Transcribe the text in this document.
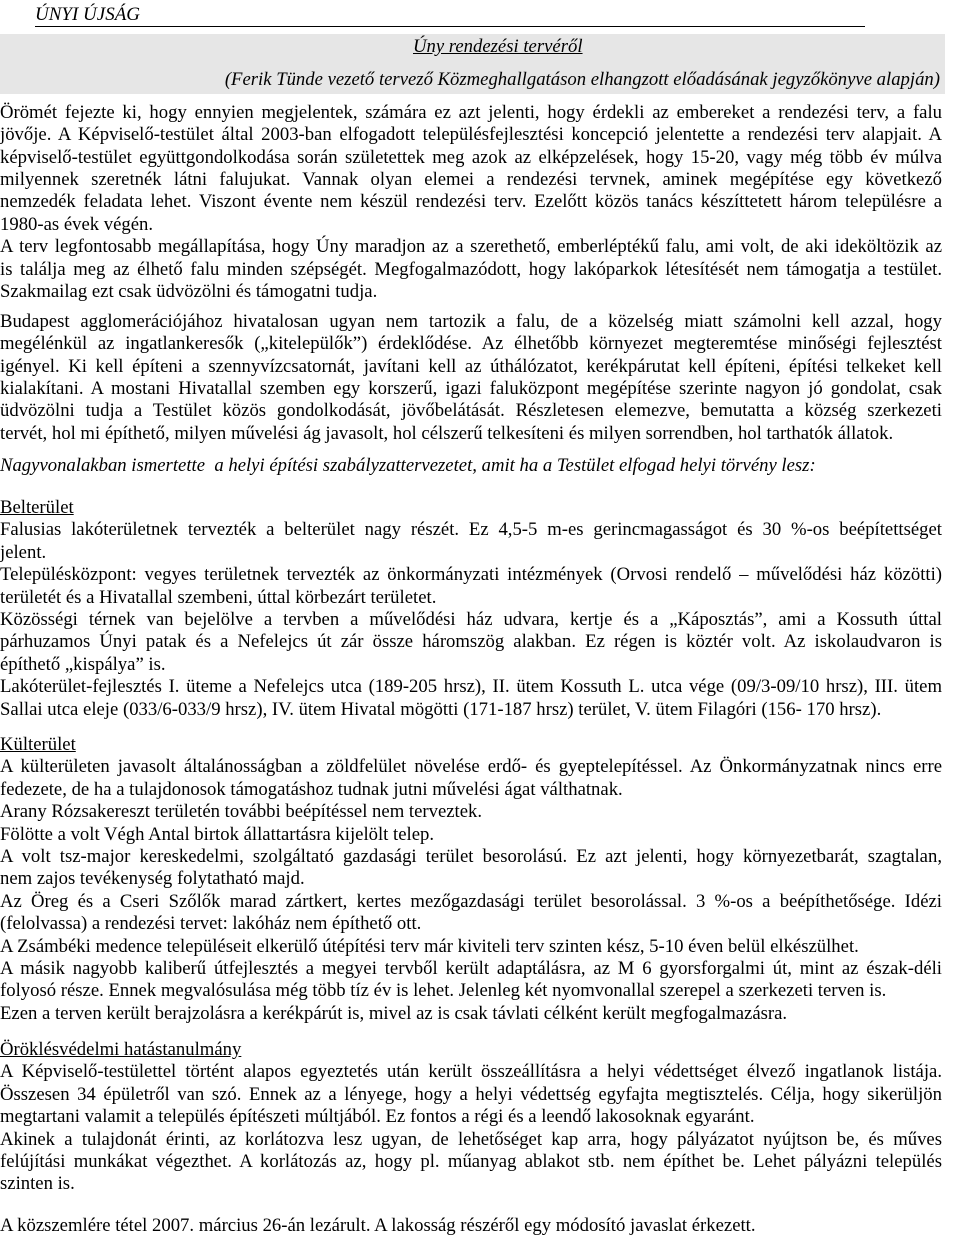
ÚNYI ÚJSÁG
Úny rendezési tervéről
(Ferik Tünde vezető tervező Közmeghallgatáson elhangzott előadásának jegyzőkönyve alapján)
Örömét fejezte ki, hogy ennyien megjelentek, számára ez azt jelenti, hogy érdekli az embereket a rendezési terv, a falu
jövője. A Képviselő-testület által 2003-ban elfogadott településfejlesztési koncepció jelentette a rendezési terv alapjait. A
képviselő-testület együttgondolkodása során születettek meg azok az elképzelések, hogy 15-20, vagy még több év múlva
milyennek szeretnék látni falujukat. Vannak olyan elemei a rendezési tervnek, aminek megépítése egy következő
nemzedék feladata lehet. Viszont évente nem készül rendezési terv. Ezelőtt közös tanács készíttetett három településre a
1980-as évek végén.
A terv legfontosabb megállapítása, hogy Úny maradjon az a szerethető, emberléptékű falu, ami volt, de aki ideköltözik az
is találja meg az élhető falu minden szépségét. Megfogalmazódott, hogy lakóparkok létesítését nem támogatja a testület.
Szakmailag ezt csak üdvözölni és támogatni tudja.
Budapest agglomerációjához hivatalosan ugyan nem tartozik a falu, de a közelség miatt számolni kell azzal, hogy
megélénkül az ingatlankeresők („kitelepülők”) érdeklődése. Az élhetőbb környezet megteremtése minőségi fejlesztést
igényel. Ki kell építeni a szennyvízcsatornát, javítani kell az úthálózatot, kerékpárutat kell építeni, építési telkeket kell
kialakítani. A mostani Hivatallal szemben egy korszerű, igazi faluközpont megépítése szerinte nagyon jó gondolat, csak
üdvözölni tudja a Testület közös gondolkodását, jövőbelátását. Részletesen elemezve, bemutatta a község szerkezeti
tervét, hol mi építhető, milyen művelési ág javasolt, hol célszerű telkesíteni és milyen sorrendben, hol tarthatók állatok.
Nagyvonalakban ismertette  a helyi építési szabályzattervezetet, amit ha a Testület elfogad helyi törvény lesz:
Belterület
Falusias lakóterületnek tervezték a belterület nagy részét. Ez 4,5-5 m-es gerincmagasságot és 30 %-os beépítettséget
jelent.
Településközpont: vegyes területnek tervezték az önkormányzati intézmények (Orvosi rendelő – művelődési ház közötti)
területét és a Hivatallal szembeni, úttal körbezárt területet.
Közösségi térnek van bejelölve a tervben a művelődési ház udvara, kertje és a „Káposztás”, ami a Kossuth úttal
párhuzamos Únyi patak és a Nefelejcs út zár össze háromszög alakban. Ez régen is köztér volt. Az iskolaudvaron is
építhető „kispálya” is.
Lakóterület-fejlesztés I. üteme a Nefelejcs utca (189-205 hrsz), II. ütem Kossuth L. utca vége (09/3-09/10 hrsz), III. ütem
Sallai utca eleje (033/6-033/9 hrsz), IV. ütem Hivatal mögötti (171-187 hrsz) terület, V. ütem Filagóri (156- 170 hrsz).
Külterület
A külterületen javasolt általánosságban a zöldfelület növelése erdő- és gyeptelepítéssel. Az Önkormányzatnak nincs erre
fedezete, de ha a tulajdonosok támogatáshoz tudnak jutni művelési ágat válthatnak.
Arany Rózsakereszt területén további beépítéssel nem terveztek.
Fölötte a volt Végh Antal birtok állattartásra kijelölt telep.
A volt tsz-major kereskedelmi, szolgáltató gazdasági terület besorolású. Ez azt jelenti, hogy környezetbarát, szagtalan,
nem zajos tevékenység folytatható majd.
Az Öreg és a Cseri Szőlők marad zártkert, kertes mezőgazdasági terület besorolással. 3 %-os a beépíthetősége. Idézi
(felolvassa) a rendezési tervet: lakóház nem építhető ott.
A Zsámbéki medence településeit elkerülő útépítési terv már kiviteli terv szinten kész, 5-10 éven belül elkészülhet.
A másik nagyobb kaliberű útfejlesztés a megyei tervből került adaptálásra, az M 6 gyorsforgalmi út, mint az észak-déli
folyosó része. Ennek megvalósulása még több tíz év is lehet. Jelenleg két nyomvonallal szerepel a szerkezeti terven is.
Ezen a terven került berajzolásra a kerékpárút is, mivel az is csak távlati célként került megfogalmazásra.
Öröklésvédelmi hatástanulmány
A Képviselő-testülettel történt alapos egyeztetés után került összeállításra a helyi védettséget élvező ingatlanok listája.
Összesen 34 épületről van szó. Ennek az a lényege, hogy a helyi védettség egyfajta megtisztelés. Célja, hogy sikerüljön
megtartani valamit a település építészeti múltjából. Ez fontos a régi és a leendő lakosoknak egyaránt.
Akinek a tulajdonát érinti, az korlátozva lesz ugyan, de lehetőséget kap arra, hogy pályázatot nyújtson be, és műves
felújítási munkákat végezthet. A korlátozás az, hogy pl. műanyag ablakot stb. nem építhet be. Lehet pályázni település
szinten is.
A közszemlére tétel 2007. március 26-án lezárult. A lakosság részéről egy módosító javaslat érkezett.
